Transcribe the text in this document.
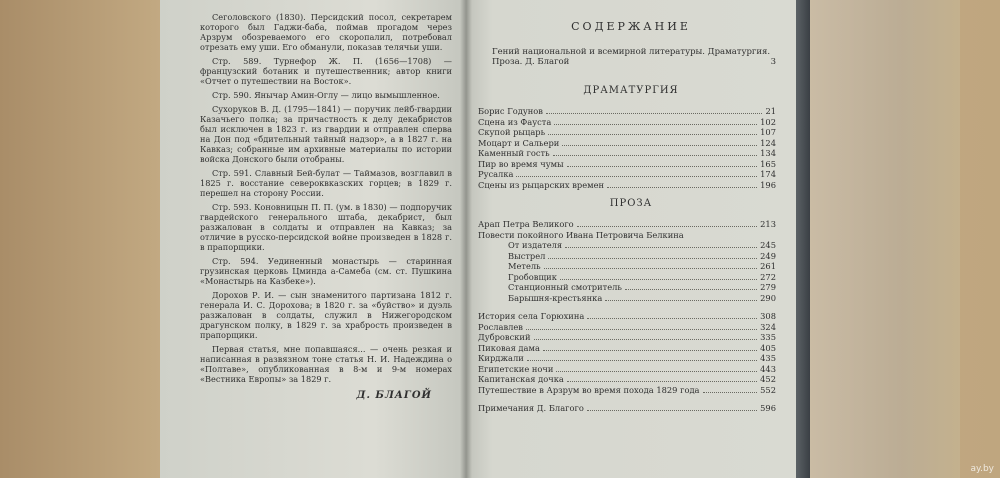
Сеголовского (1830). Персидский посол, секретарем которого был Гаджи-баба, поймав прогадом через Арзрум обозреваемого его скоропалил, потребовал отрезать ему уши. Его обманули, показав телячьи уши.

Стр. 589. Турнефор Ж. П. (1656—1708) — французский ботаник и путешественник; автор книги «Отчет о путешествии на Восток».

Стр. 590. Янычар Амин-Оглу — лицо вымышленное.

Сухоруков В. Д. (1795—1841) — поручик лейб-гвардии Казачьего полка; за причастность к делу декабристов был исключен в 1823 г. из гвардии и отправлен сперва на Дон под «бдительный тайный надзор», а в 1827 г. на Кавказ; собранные им архивные материалы по истории войска Донского были отобраны.

Стр. 591. Славный Бей-булат — Таймазов, возглавил в 1825 г. восстание североквказских горцев; в 1829 г. перешел на сторону России.

Стр. 593. Коновницын П. П. (ум. в 1830) — подпоручик гвардейского генерального штаба, декабрист, был разжалован в солдаты и отправлен на Кавказ; за отличие в русско-персидской войне произведен в 1828 г. в прапорщики.

Стр. 594. Уединенный монастырь — старинная грузинская церковь Цминда а-Самеба (см. ст. Пушкина «Монастырь на Казбеке»).

Дорохов Р. И. — сын знаменитого партизана 1812 г. генерала И. С. Дорохова; в 1820 г. за «буйство» и дуэль разжалован в солдаты, служил в Нижегородском драгунском полку, в 1829 г. за храбрость произведен в прапорщики.

Первая статья, мне попавшаяся... — очень резкая и написанная в развязном тоне статья Н. И. Надеждина о «Полтаве», опубликованная в 8-м и 9-м номерах «Вестника Европы» за 1829 г.

Д. БЛАГОЙ
СОДЕРЖАНИЕ
Гений национальной и всемирной литературы. Драматургия. Проза. Д. Благой	3
ДРАМАТУРГИЯ
Борис Годунов	21
Сцена из Фауста	102
Скупой рыцарь	107
Моцарт и Сальери	124
Каменный гость	134
Пир во время чумы	165
Русалка	174
Сцены из рыцарских времен	196
ПРОЗА
Арап Петра Великого	213
Повести покойного Ивана Петровича Белкина
От издателя	245
Выстрел	249
Метель	261
Гробовщик	272
Станционный смотритель	279
Барышня-крестьянка	290
История села Горюхина	308
Рославлев	324
Дубровский	335
Пиковая дама	405
Кирджали	435
Египетские ночи	443
Капитанская дочка	452
Путешествие в Арзрум во время похода 1829 года	552
Примечания Д. Благого	596
ay.by
